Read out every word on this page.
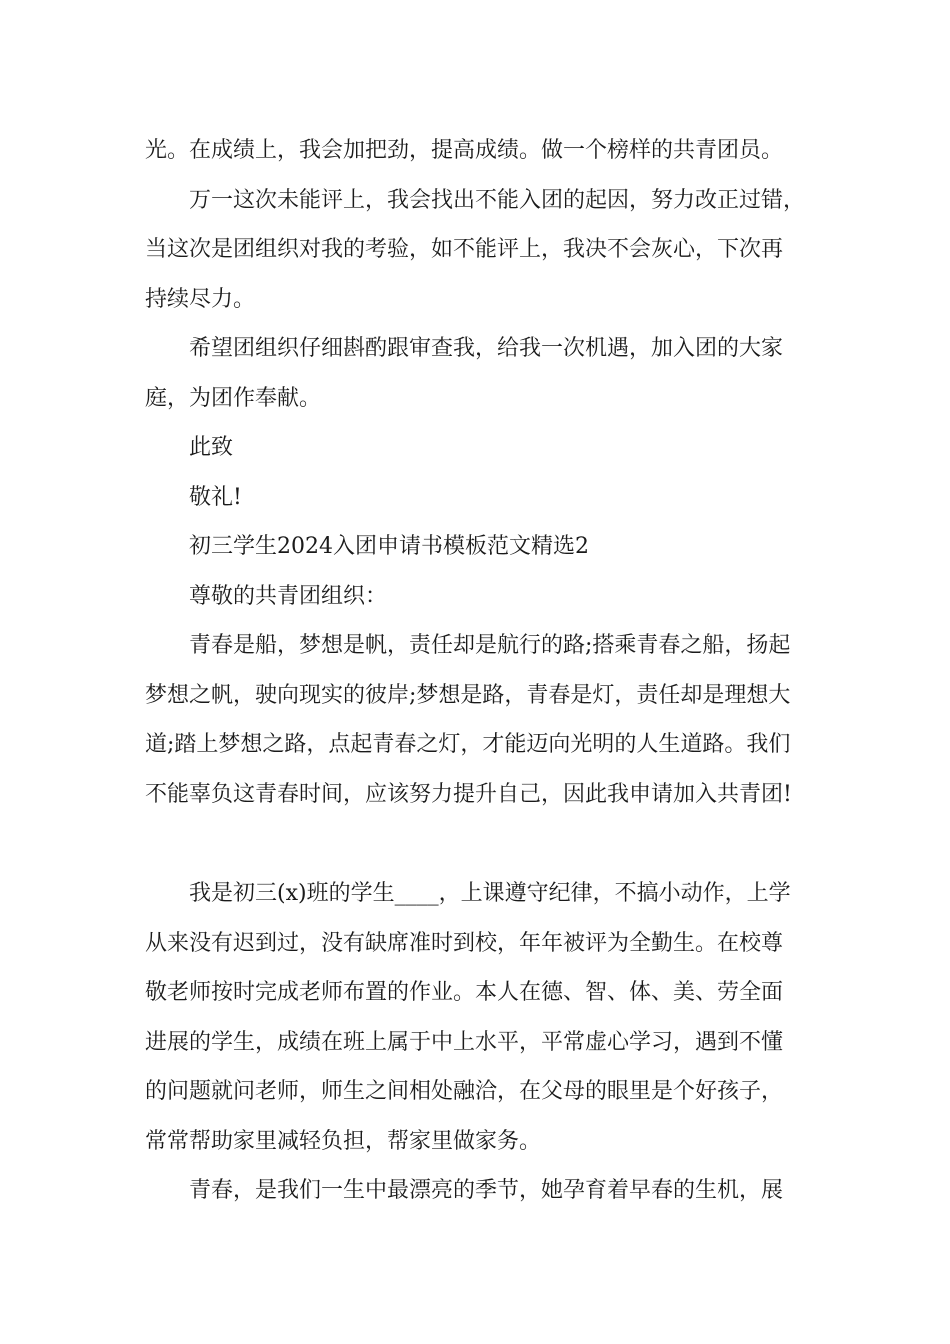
光。在成绩上，我会加把劲，提高成绩。做一个榜样的共青团员。

万一这次未能评上，我会找出不能入团的起因，努力改正过错，

当这次是团组织对我的考验，如不能评上，我决不会灰心，下次再

持续尽力。

希望团组织仔细斟酌跟审查我，给我一次机遇，加入团的大家

庭，为团作奉献。

此致

敬礼!

初三学生2024入团申请书模板范文精选2

尊敬的共青团组织：

青春是船，梦想是帆，责任却是航行的路;搭乘青春之船，扬起

梦想之帆，驶向现实的彼岸;梦想是路，青春是灯，责任却是理想大

道;踏上梦想之路，点起青春之灯，才能迈向光明的人生道路。我们

不能辜负这青春时间，应该努力提升自己，因此我申请加入共青团!

我是初三(x)班的学生____，上课遵守纪律，不搞小动作，上学

从来没有迟到过，没有缺席准时到校，年年被评为全勤生。在校尊

敬老师按时完成老师布置的作业。本人在德、智、体、美、劳全面

进展的学生，成绩在班上属于中上水平，平常虚心学习，遇到不懂

的问题就问老师，师生之间相处融洽，在父母的眼里是个好孩子，

常常帮助家里减轻负担，帮家里做家务。

青春，是我们一生中最漂亮的季节，她孕育着早春的生机，展
